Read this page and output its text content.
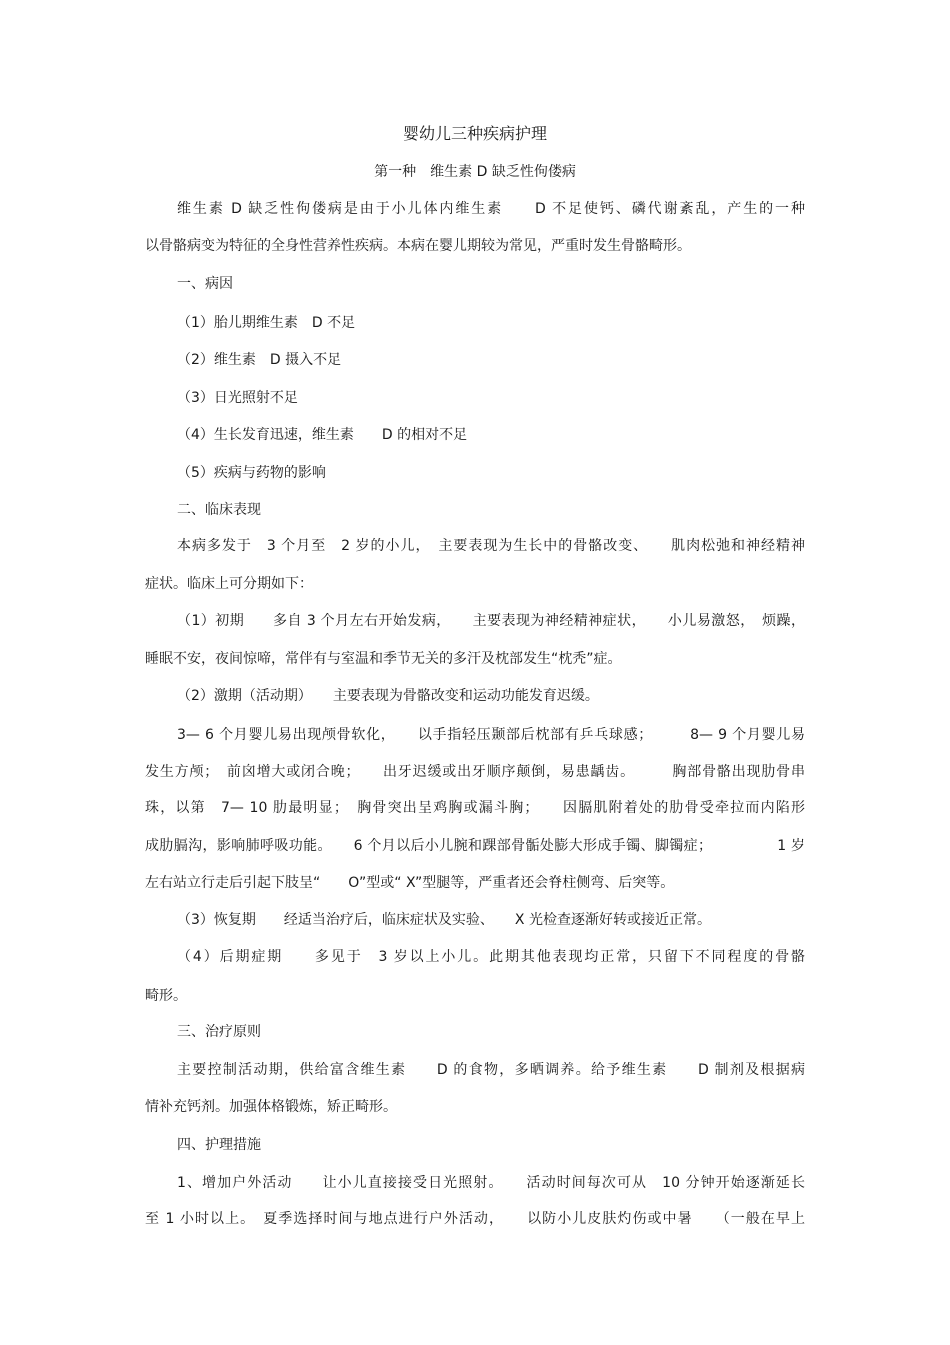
婴幼儿三种疾病护理

第一种　维生素 D 缺乏性佝偻病

维生素 D 缺乏性佝偻病是由于小儿体内维生素　　D 不足使钙、磷代谢紊乱，产生的一种

以骨骼病变为特征的全身性营养性疾病。本病在婴儿期较为常见，严重时发生骨骼畸形。

一、病因

（1）胎儿期维生素　D 不足

（2）维生素　D 摄入不足

（3）日光照射不足

（4）生长发育迅速，维生素　　D 的相对不足

（5）疾病与药物的影响

二、临床表现

本病多发于　3 个月至　2 岁的小儿，　主要表现为生长中的骨骼改变、　　肌肉松弛和神经精神

症状。临床上可分期如下：

（1）初期　　多自 3 个月左右开始发病，　　主要表现为神经精神症状，　　小儿易激怒，　烦躁，

睡眠不安，夜间惊啼，常伴有与室温和季节无关的多汗及枕部发生“枕秃”症。

（2）激期（活动期）　　主要表现为骨骼改变和运动功能发育迟缓。

3— 6 个月婴儿易出现颅骨软化，　　以手指轻压颞部后枕部有乒乓球感；　　　8— 9 个月婴儿易

发生方颅；　前囟增大或闭合晚；　　出牙迟缓或出牙顺序颠倒，易患龋齿。　　　胸部骨骼出现肋骨串

珠，以第　7— 10 肋最明显；　胸骨突出呈鸡胸或漏斗胸；　　因膈肌附着处的肋骨受牵拉而内陷形

成肋膈沟，影响肺呼吸功能。　　6 个月以后小儿腕和踝部骨骺处膨大形成手镯、脚镯症；　　　　　1 岁

左右站立行走后引起下肢呈“　　O”型或“ X”型腿等，严重者还会脊柱侧弯、后突等。

（3）恢复期　　经适当治疗后，临床症状及实验、　　X 光检查逐渐好转或接近正常。

（4）后期症期　　多见于　3 岁以上小儿。此期其他表现均正常，只留下不同程度的骨骼

畸形。

三、治疗原则

主要控制活动期，供给富含维生素　　D 的食物，多晒调养。给予维生素　　D 制剂及根据病

情补充钙剂。加强体格锻炼，矫正畸形。

四、护理措施

1、增加户外活动　　让小儿直接接受日光照射。　　活动时间每次可从　10 分钟开始逐渐延长

至 1 小时以上。　夏季选择时间与地点进行户外活动，　　以防小儿皮肤灼伤或中暑　　（一般在早上
